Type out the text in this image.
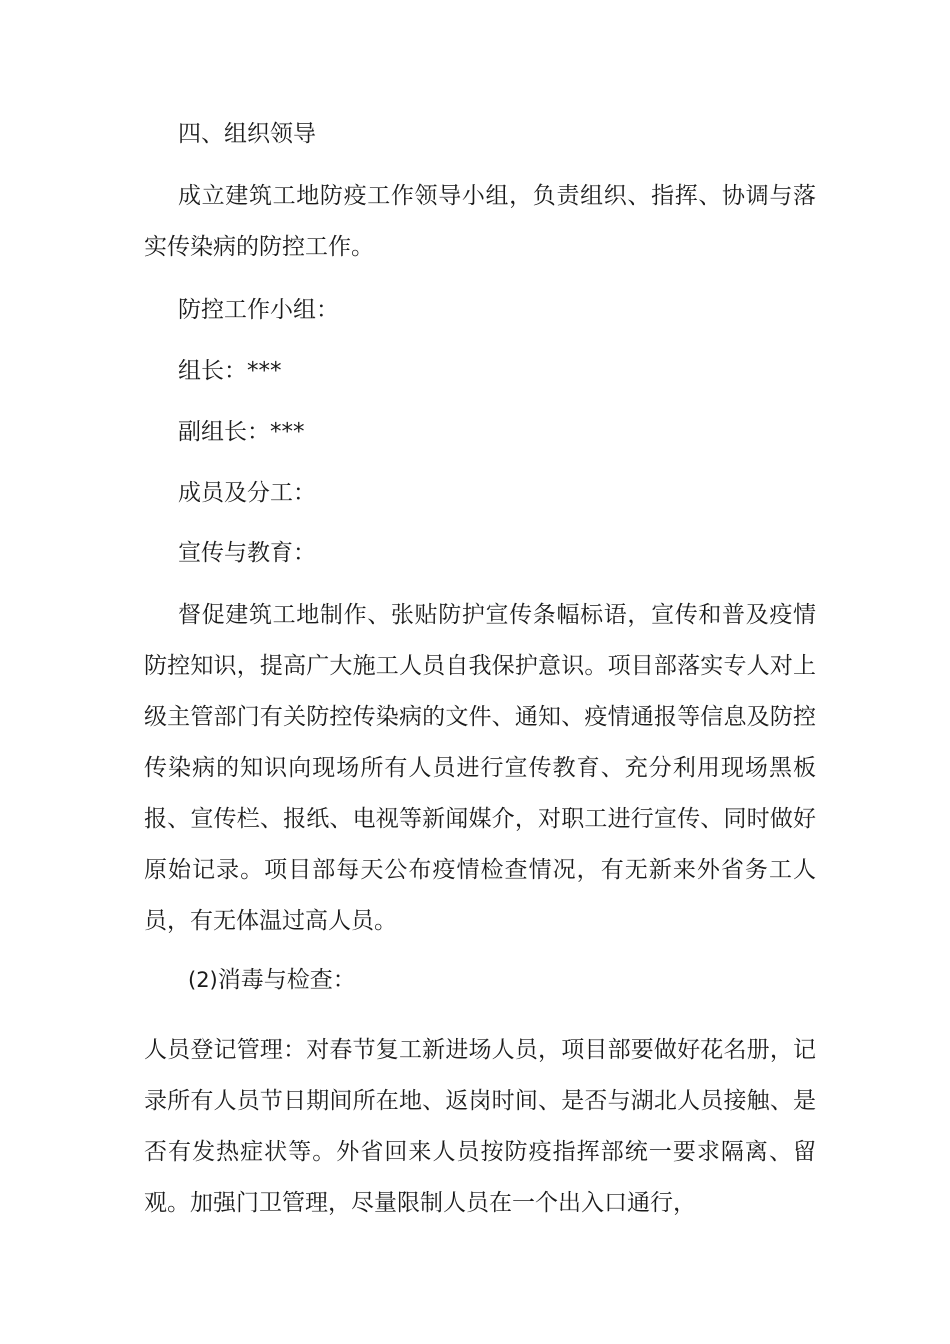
四、组织领导

成立建筑工地防疫工作领导小组，负责组织、指挥、协调与落实传染病的防控工作。

防控工作小组：

组长：***

副组长：***

成员及分工：

宣传与教育：

督促建筑工地制作、张贴防护宣传条幅标语，宣传和普及疫情防控知识，提高广大施工人员自我保护意识。项目部落实专人对上级主管部门有关防控传染病的文件、通知、疫情通报等信息及防控传染病的知识向现场所有人员进行宣传教育、充分利用现场黑板报、宣传栏、报纸、电视等新闻媒介，对职工进行宣传、同时做好原始记录。项目部每天公布疫情检查情况，有无新来外省务工人员，有无体温过高人员。

(2)消毒与检查：

人员登记管理：对春节复工新进场人员，项目部要做好花名册，记录所有人员节日期间所在地、返岗时间、是否与湖北人员接触、是否有发热症状等。外省回来人员按防疫指挥部统一要求隔离、留观。加强门卫管理，尽量限制人员在一个出入口通行，
